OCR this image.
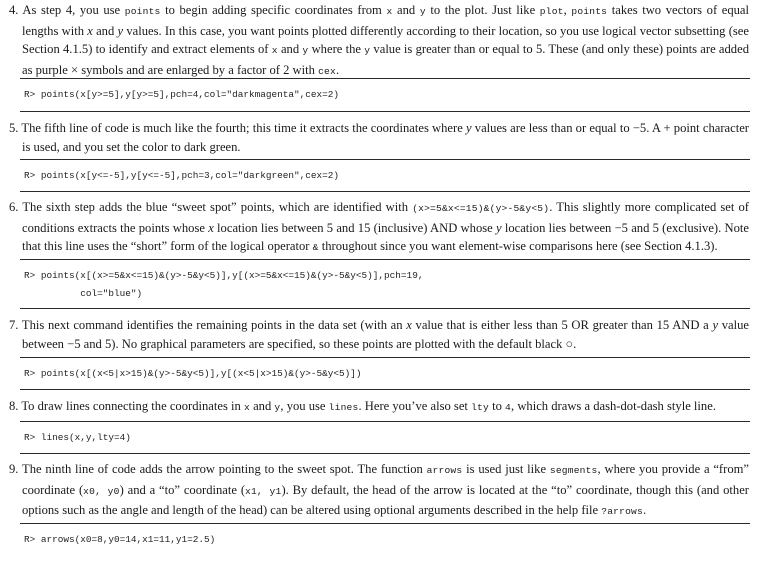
4. As step 4, you use points to begin adding specific coordinates from x and y to the plot. Just like plot, points takes two vectors of equal lengths with x and y values. In this case, you want points plotted differently according to their location, so you use logical vector subsetting (see Section 4.1.5) to identify and extract elements of x and y where the y value is greater than or equal to 5. These (and only these) points are added as purple × symbols and are enlarged by a factor of 2 with cex.
R> points(x[y>=5],y[y>=5],pch=4,col="darkmagenta",cex=2)
5. The fifth line of code is much like the fourth; this time it extracts the coordinates where y values are less than or equal to −5. A + point character is used, and you set the color to dark green.
R> points(x[y<=-5],y[y<=-5],pch=3,col="darkgreen",cex=2)
6. The sixth step adds the blue “sweet spot” points, which are identified with (x>=5&x<=15)&(y>-5&y<5). This slightly more complicated set of conditions extracts the points whose x location lies between 5 and 15 (inclusive) AND whose y location lies between −5 and 5 (exclusive). Note that this line uses the “short” form of the logical operator & throughout since you want element-wise comparisons here (see Section 4.1.3).
R> points(x[(x>=5&x<=15)&(y>-5&y<5)],y[(x>=5&x<=15)&(y>-5&y<5)],pch=19,
col="blue")
7. This next command identifies the remaining points in the data set (with an x value that is either less than 5 OR greater than 15 AND a y value between −5 and 5). No graphical parameters are specified, so these points are plotted with the default black ○.
R> points(x[(x<5|x>15)&(y>-5&y<5)],y[(x<5|x>15)&(y>-5&y<5)])
8. To draw lines connecting the coordinates in x and y, you use lines. Here you’ve also set lty to 4, which draws a dash-dot-dash style line.
R> lines(x,y,lty=4)
9. The ninth line of code adds the arrow pointing to the sweet spot. The function arrows is used just like segments, where you provide a “from” coordinate (x0, y0) and a “to” coordinate (x1, y1). By default, the head of the arrow is located at the “to” coordinate, though this (and other options such as the angle and length of the head) can be altered using optional arguments described in the help file ?arrows.
R> arrows(x0=8,y0=14,x1=11,y1=2.5)
